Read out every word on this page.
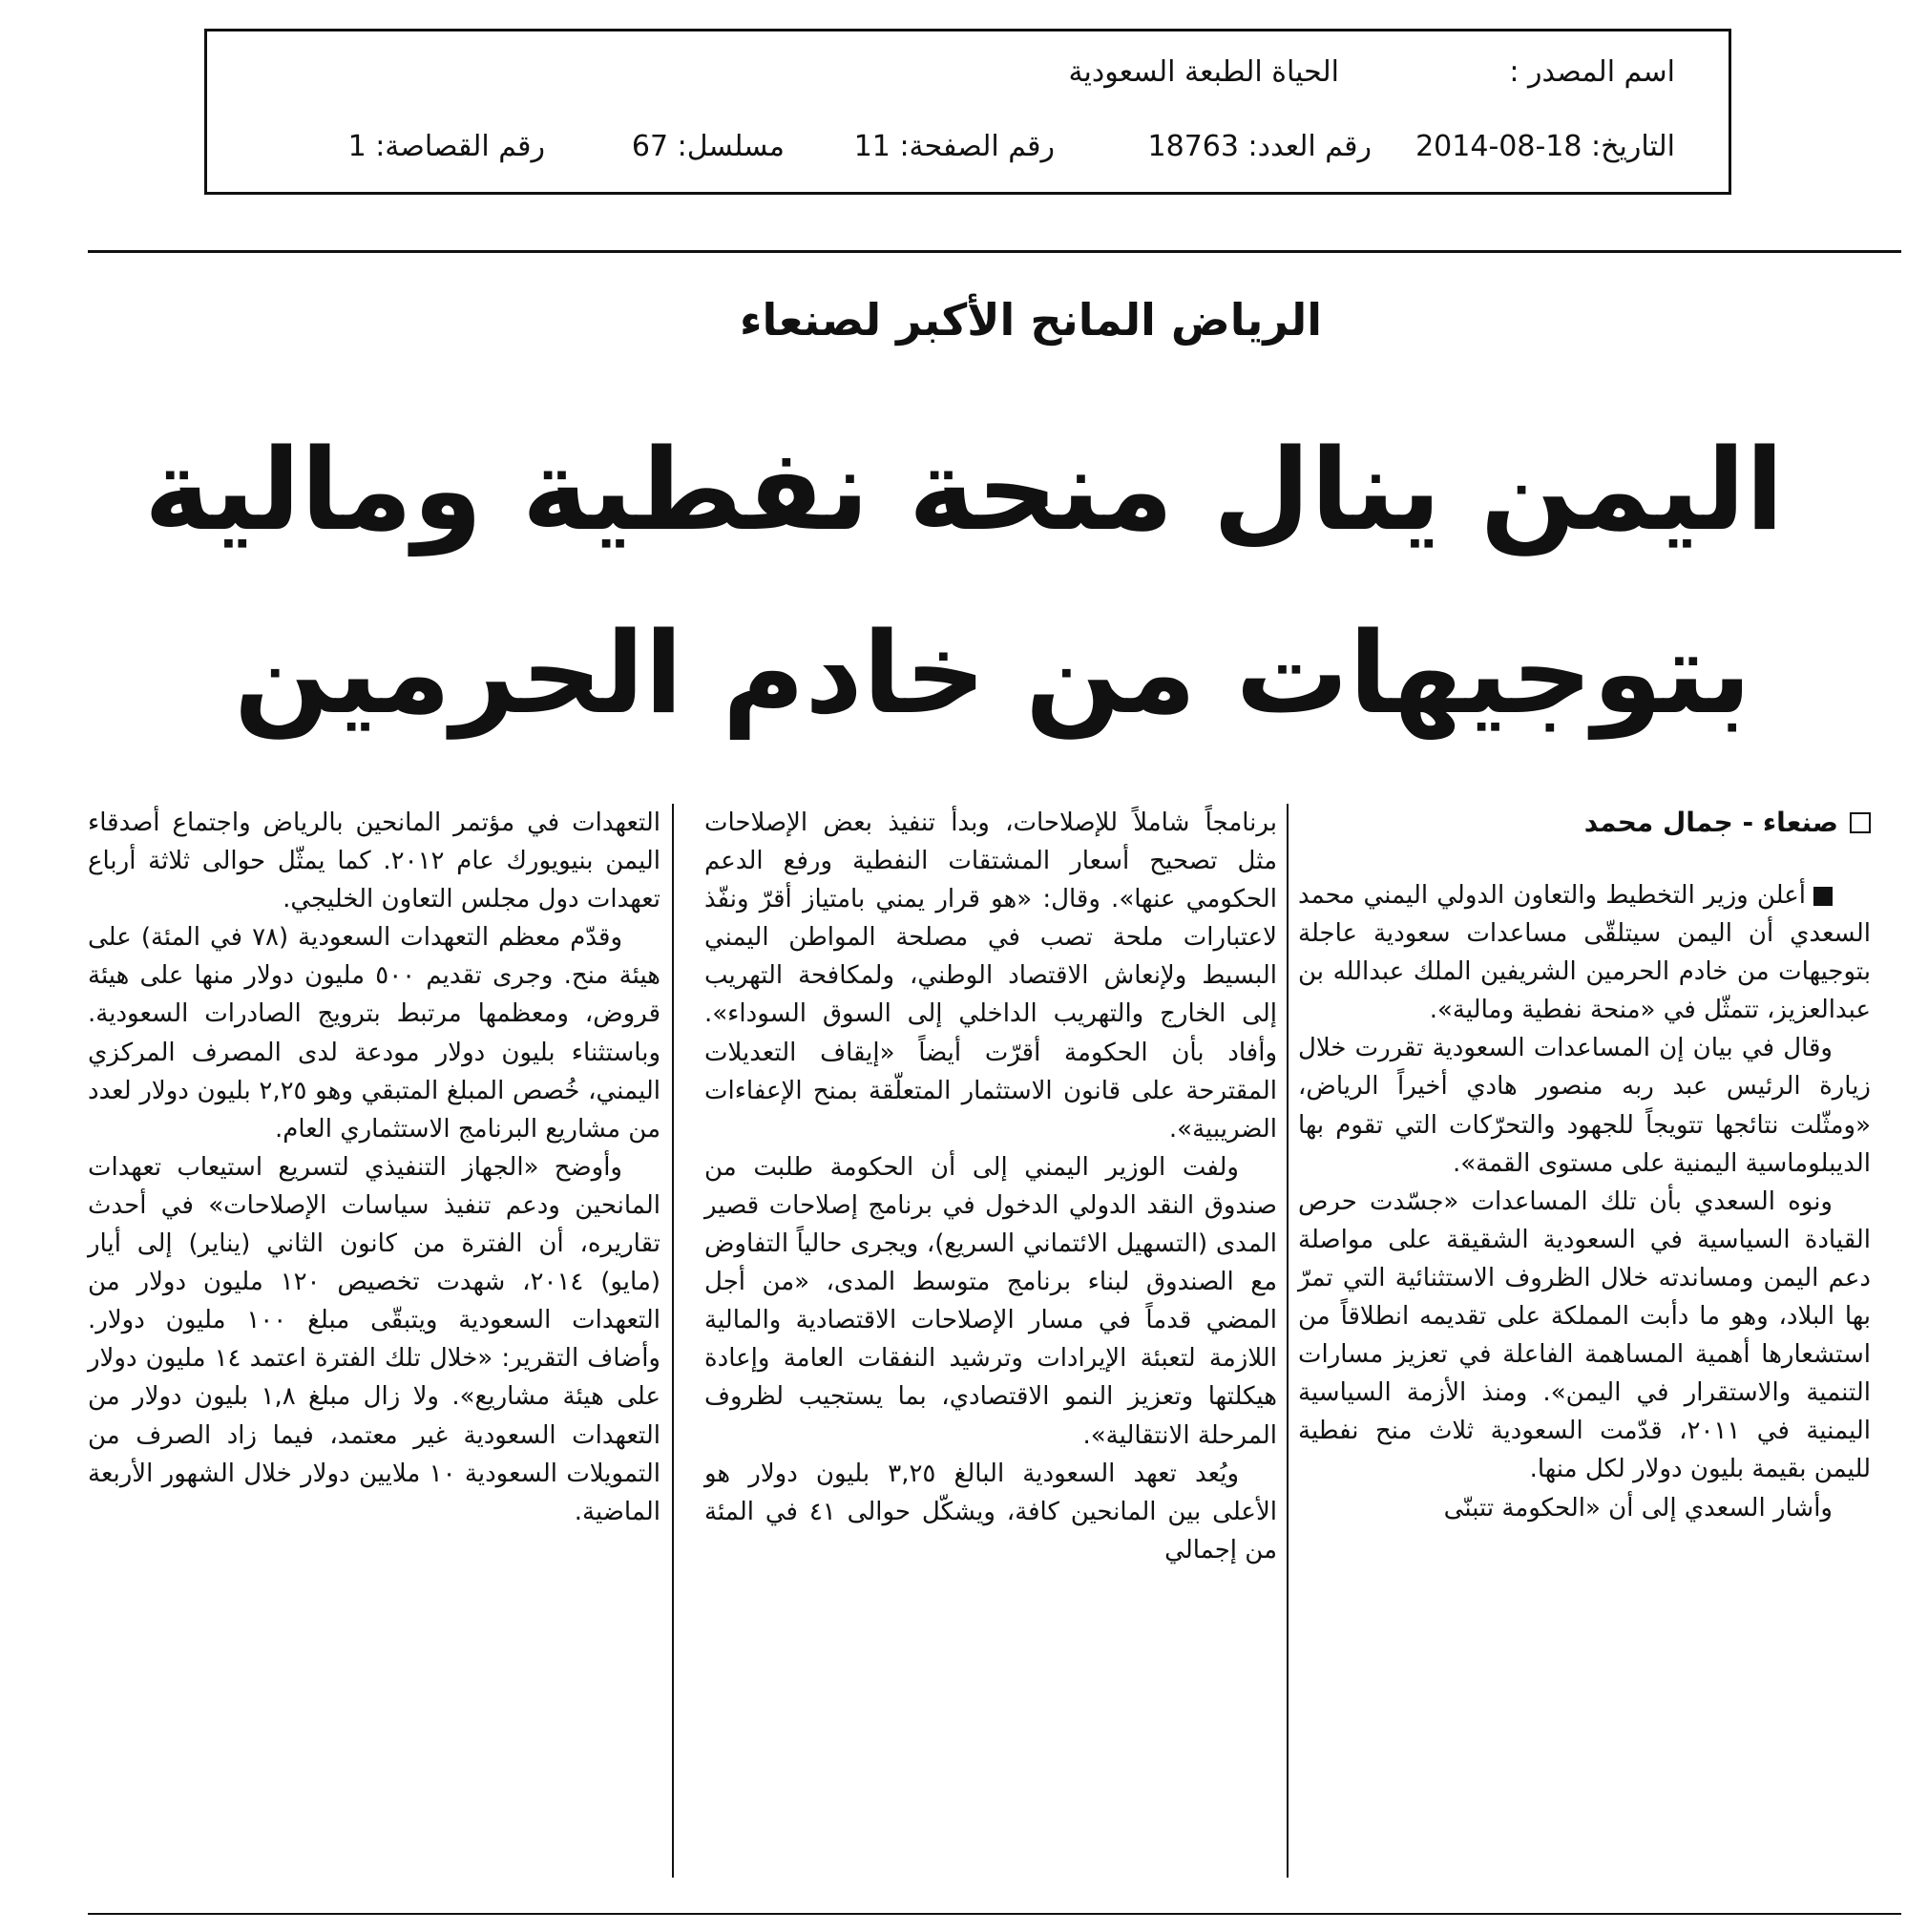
اسم المصدر :
الحياة الطبعة السعودية
التاريخ: 18-08-2014
رقم العدد: 18763
رقم الصفحة: 11
مسلسل: 67
رقم القصاصة: 1
الرياض المانح الأكبر لصنعاء
اليمن ينال منحة نفطية ومالية
بتوجيهات من خادم الحرمين

صنعاء - جمال محمد

أعلن وزير التخطيط والتعاون الدولي اليمني محمد السعدي أن اليمن سيتلقّى مساعدات سعودية عاجلة بتوجيهات من خادم الحرمين الشريفين الملك عبدالله بن عبدالعزيز، تتمثّل في «منحة نفطية ومالية».

وقال في بيان إن المساعدات السعودية تقررت خلال زيارة الرئيس عبد ربه منصور هادي أخيراً الرياض، «ومثّلت نتائجها تتويجاً للجهود والتحرّكات التي تقوم بها الديبلوماسية اليمنية على مستوى القمة».

ونوه السعدي بأن تلك المساعدات «جسّدت حرص القيادة السياسية في السعودية الشقيقة على مواصلة دعم اليمن ومساندته خلال الظروف الاستثنائية التي تمرّ بها البلاد، وهو ما دأبت المملكة على تقديمه انطلاقاً من استشعارها أهمية المساهمة الفاعلة في تعزيز مسارات التنمية والاستقرار في اليمن». ومنذ الأزمة السياسية اليمنية في ٢٠١١، قدّمت السعودية ثلاث منح نفطية لليمن بقيمة بليون دولار لكل منها.

وأشار السعدي إلى أن «الحكومة تتبنّى

برنامجاً شاملاً للإصلاحات، وبدأ تنفيذ بعض الإصلاحات مثل تصحيح أسعار المشتقات النفطية ورفع الدعم الحكومي عنها». وقال: «هو قرار يمني بامتياز أقرّ ونفّذ لاعتبارات ملحة تصب في مصلحة المواطن اليمني البسيط ولإنعاش الاقتصاد الوطني، ولمكافحة التهريب إلى الخارج والتهريب الداخلي إلى السوق السوداء». وأفاد بأن الحكومة أقرّت أيضاً «إيقاف التعديلات المقترحة على قانون الاستثمار المتعلّقة بمنح الإعفاءات الضريبية».

ولفت الوزير اليمني إلى أن الحكومة طلبت من صندوق النقد الدولي الدخول في برنامج إصلاحات قصير المدى (التسهيل الائتماني السريع)، ويجرى حالياً التفاوض مع الصندوق لبناء برنامج متوسط المدى، «من أجل المضي قدماً في مسار الإصلاحات الاقتصادية والمالية اللازمة لتعبئة الإيرادات وترشيد النفقات العامة وإعادة هيكلتها وتعزيز النمو الاقتصادي، بما يستجيب لظروف المرحلة الانتقالية».

ويُعد تعهد السعودية البالغ ٣,٢٥ بليون دولار هو الأعلى بين المانحين كافة، ويشكّل حوالى ٤١ في المئة من إجمالي

التعهدات في مؤتمر المانحين بالرياض واجتماع أصدقاء اليمن بنيويورك عام ٢٠١٢. كما يمثّل حوالى ثلاثة أرباع تعهدات دول مجلس التعاون الخليجي.

وقدّم معظم التعهدات السعودية (٧٨ في المئة) على هيئة منح. وجرى تقديم ٥٠٠ مليون دولار منها على هيئة قروض، ومعظمها مرتبط بترويج الصادرات السعودية. وباستثناء بليون دولار مودعة لدى المصرف المركزي اليمني، خُصص المبلغ المتبقي وهو ٢,٢٥ بليون دولار لعدد من مشاريع البرنامج الاستثماري العام.

وأوضح «الجهاز التنفيذي لتسريع استيعاب تعهدات المانحين ودعم تنفيذ سياسات الإصلاحات» في أحدث تقاريره، أن الفترة من كانون الثاني (يناير) إلى أيار (مايو) ٢٠١٤، شهدت تخصيص ١٢٠ مليون دولار من التعهدات السعودية ويتبقّى مبلغ ١٠٠ مليون دولار. وأضاف التقرير: «خلال تلك الفترة اعتمد ١٤ مليون دولار على هيئة مشاريع». ولا زال مبلغ ١,٨ بليون دولار من التعهدات السعودية غير معتمد، فيما زاد الصرف من التمويلات السعودية ١٠ ملايين دولار خلال الشهور الأربعة الماضية.
